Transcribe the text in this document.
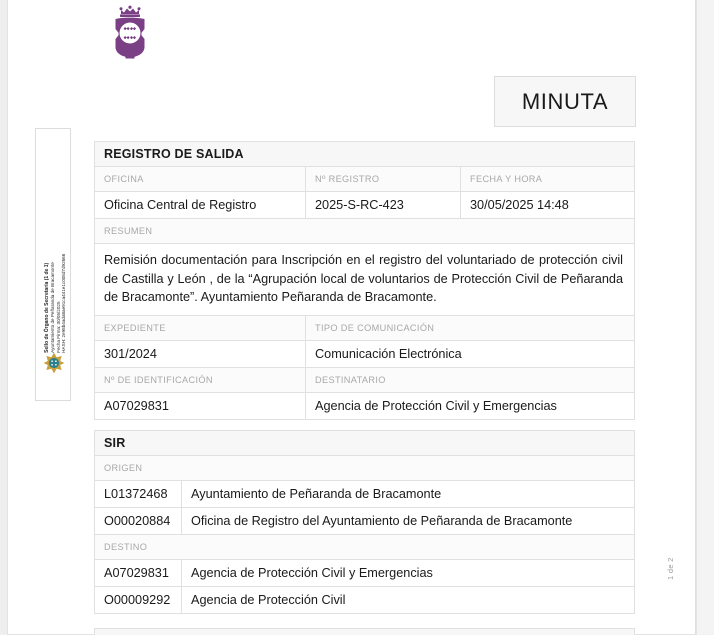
MINUTA
REGISTRO DE SALIDA
OFICINA	Nº REGISTRO	FECHA Y HORA
Oficina Central de Registro	2025-S-RC-423	30/05/2025 14:48
RESUMEN
Remisión documentación para Inscripción en el registro del voluntariado de protección civil de Castilla y León , de la “Agrupación local de voluntarios de Protección Civil de Peñaranda de Bracamonte”. Ayuntamiento Peñaranda de Bracamonte.
EXPEDIENTE	TIPO DE COMUNICACIÓN
301/2024	Comunicación Electrónica
Nº DE IDENTIFICACIÓN	DESTINATARIO
A07029831	Agencia de Protección Civil y Emergencias
SIR
ORIGEN
L01372468	Ayuntamiento de Peñaranda de Bracamonte
O00020884	Oficina de Registro del Ayuntamiento de Peñaranda de Bracamonte
DESTINO
A07029831	Agencia de Protección Civil y Emergencias
O00009292	Agencia de Protección Civil
Sello de Órgano de Secretaría (1 de 1) Ayuntamiento de Peñaranda de Bracamonte Fecha Firma: 30/05/2025 HASH: 2e98b4ada8ae91ca441e1c008d7d92666
1 de 2
